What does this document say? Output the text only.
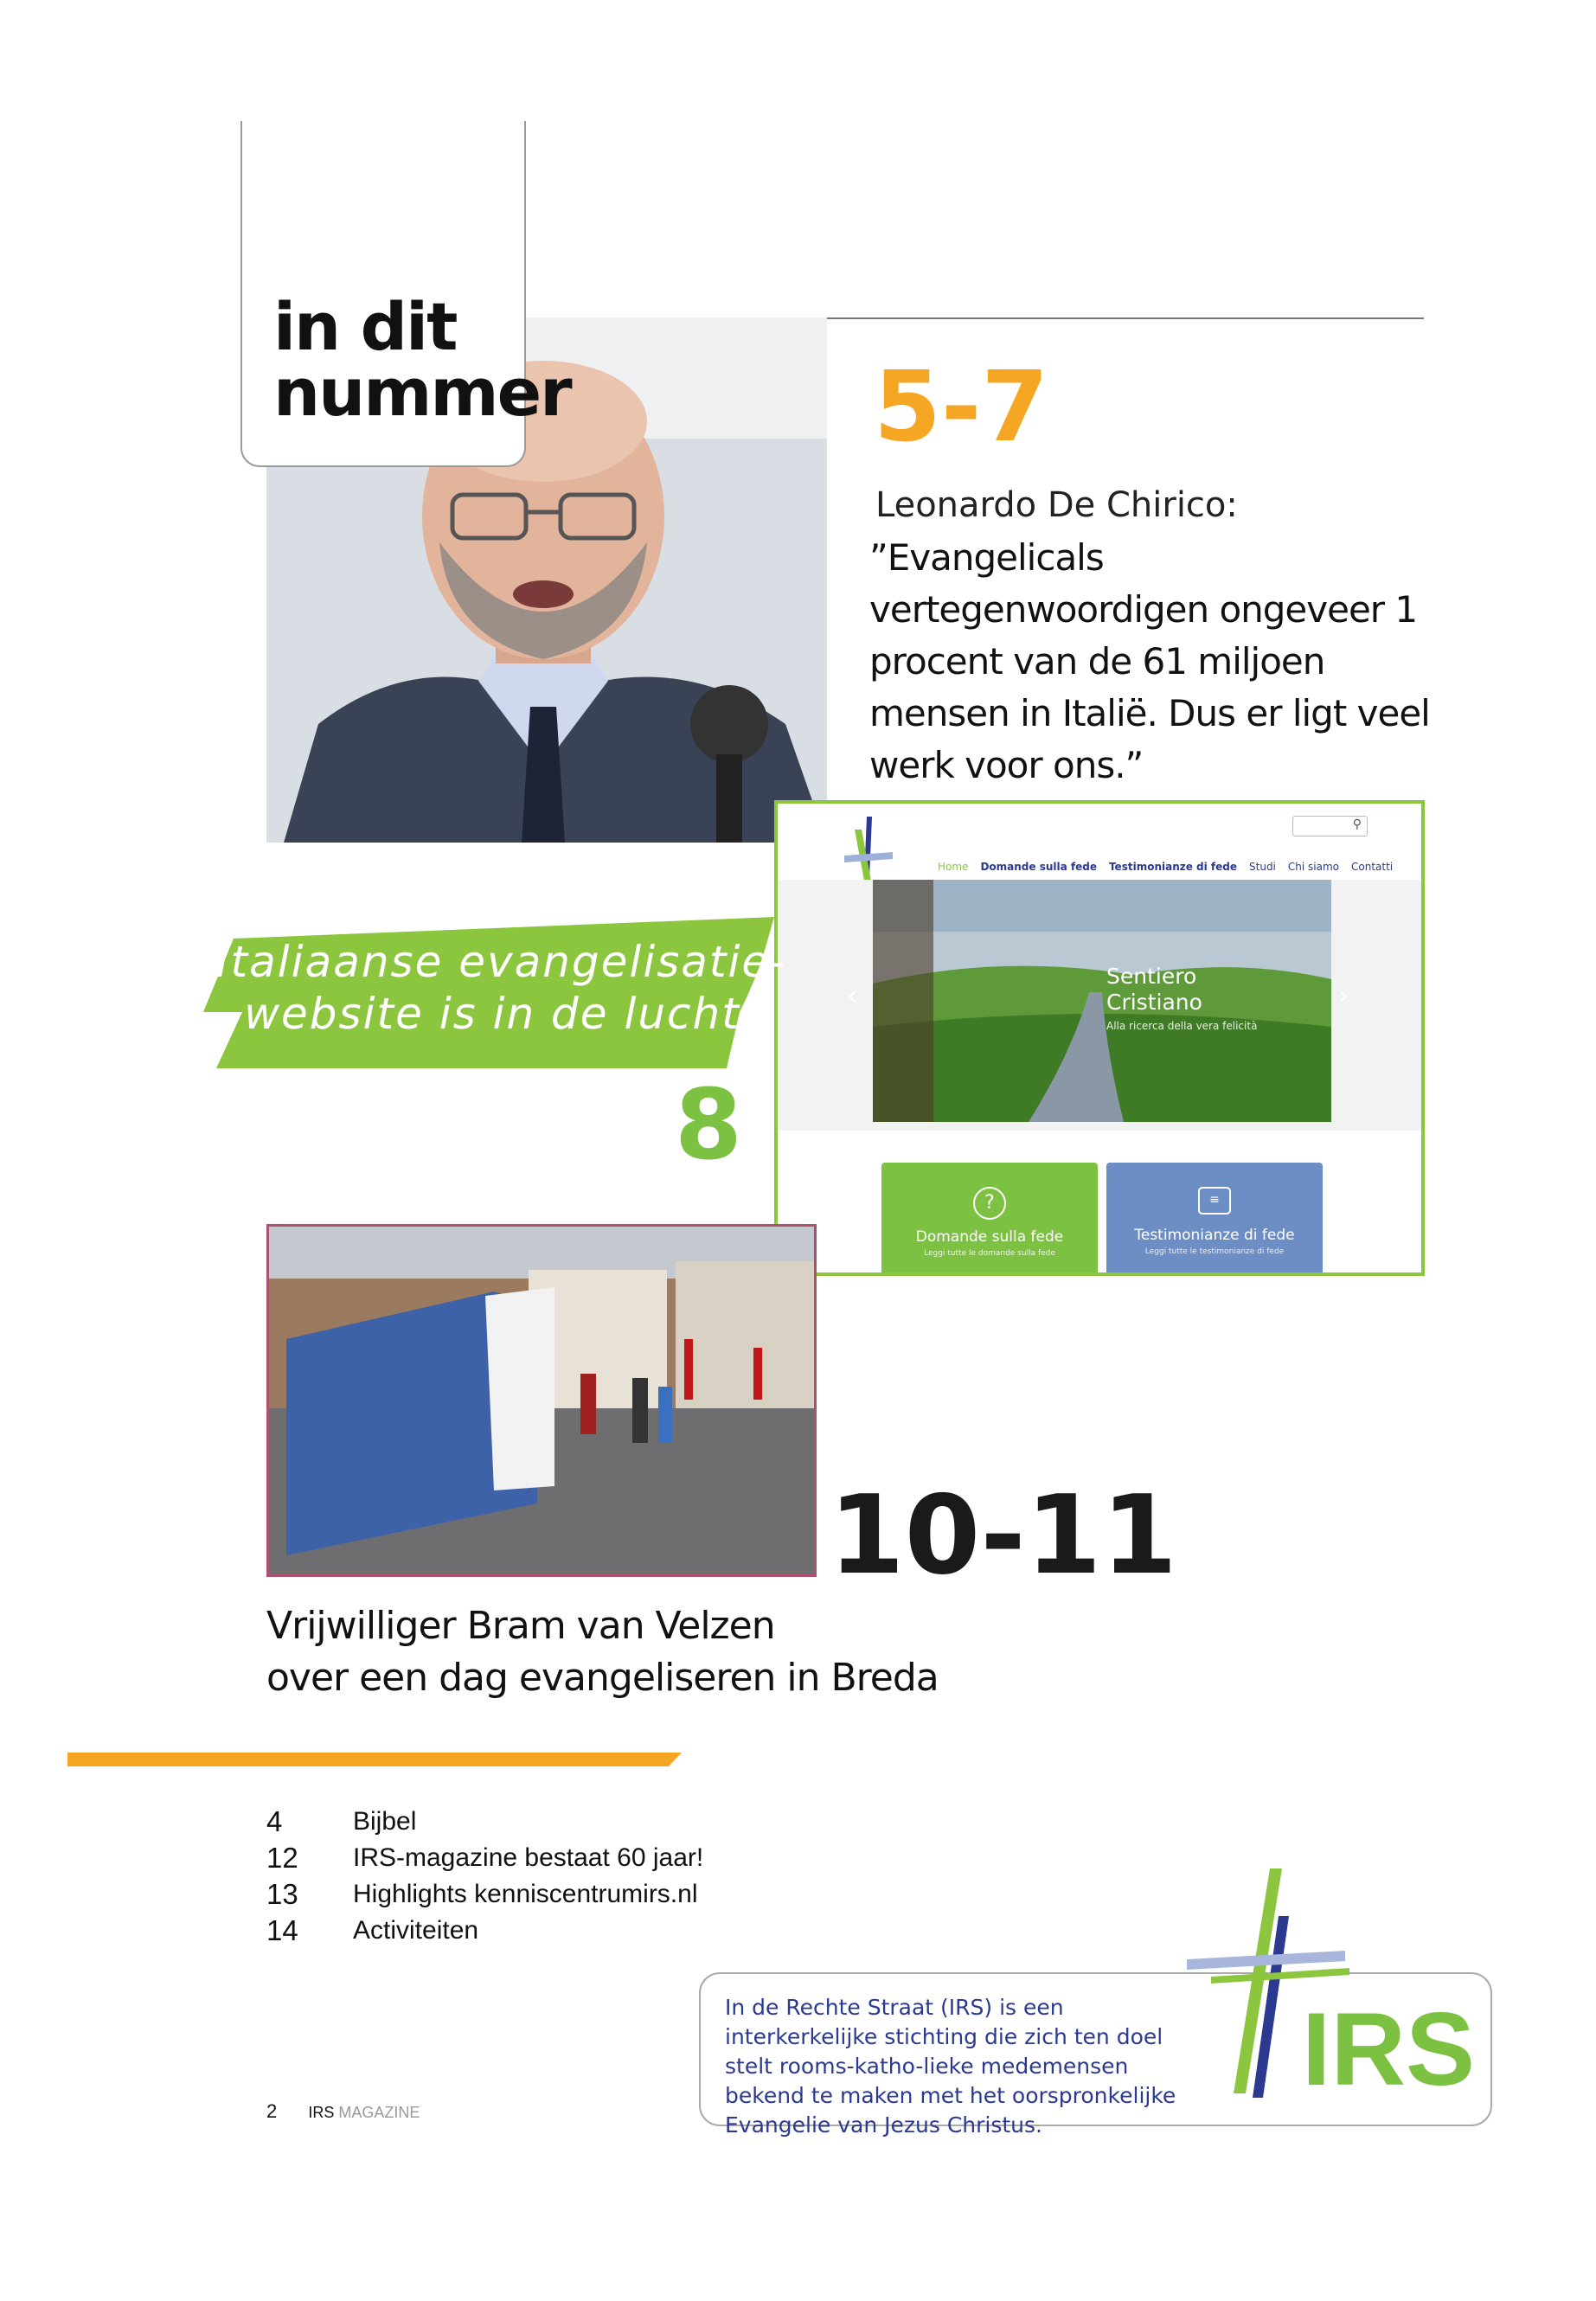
in dit
nummer	5-7
Leonardo De Chirico:
”Evangelicals vertegenwoordigen ongeveer 1 procent van de 61 miljoen mensen in Italië. Dus er ligt veel werk voor ons.”
⚲
Home Domande sulla fede Testimonianze di fede Studi Chi siamo Contatti
Sentiero
Cristiano
Alla ricerca della vera felicità
‹	›
?
Domande sulla fede
Leggi tutte le domande sulla fede
≡
Testimonianze di fede
Leggi tutte le testimonianze di fede
Italiaanse evangelisatie-
website is in de lucht!
8
10-11
Vrijwilliger Bram van Velzen
over een dag evangeliseren in Breda
4	Bijbel
12	IRS-magazine bestaat 60 jaar!
13	Highlights kenniscentrumirs.nl
14	Activiteiten
2 IRS MAGAZINE
In de Rechte Straat (IRS) is een interkerkelijke stichting die zich ten doel stelt rooms-katho-lieke medemensen bekend te maken met het oorspronkelijke Evangelie van Jezus Christus.
IRS
